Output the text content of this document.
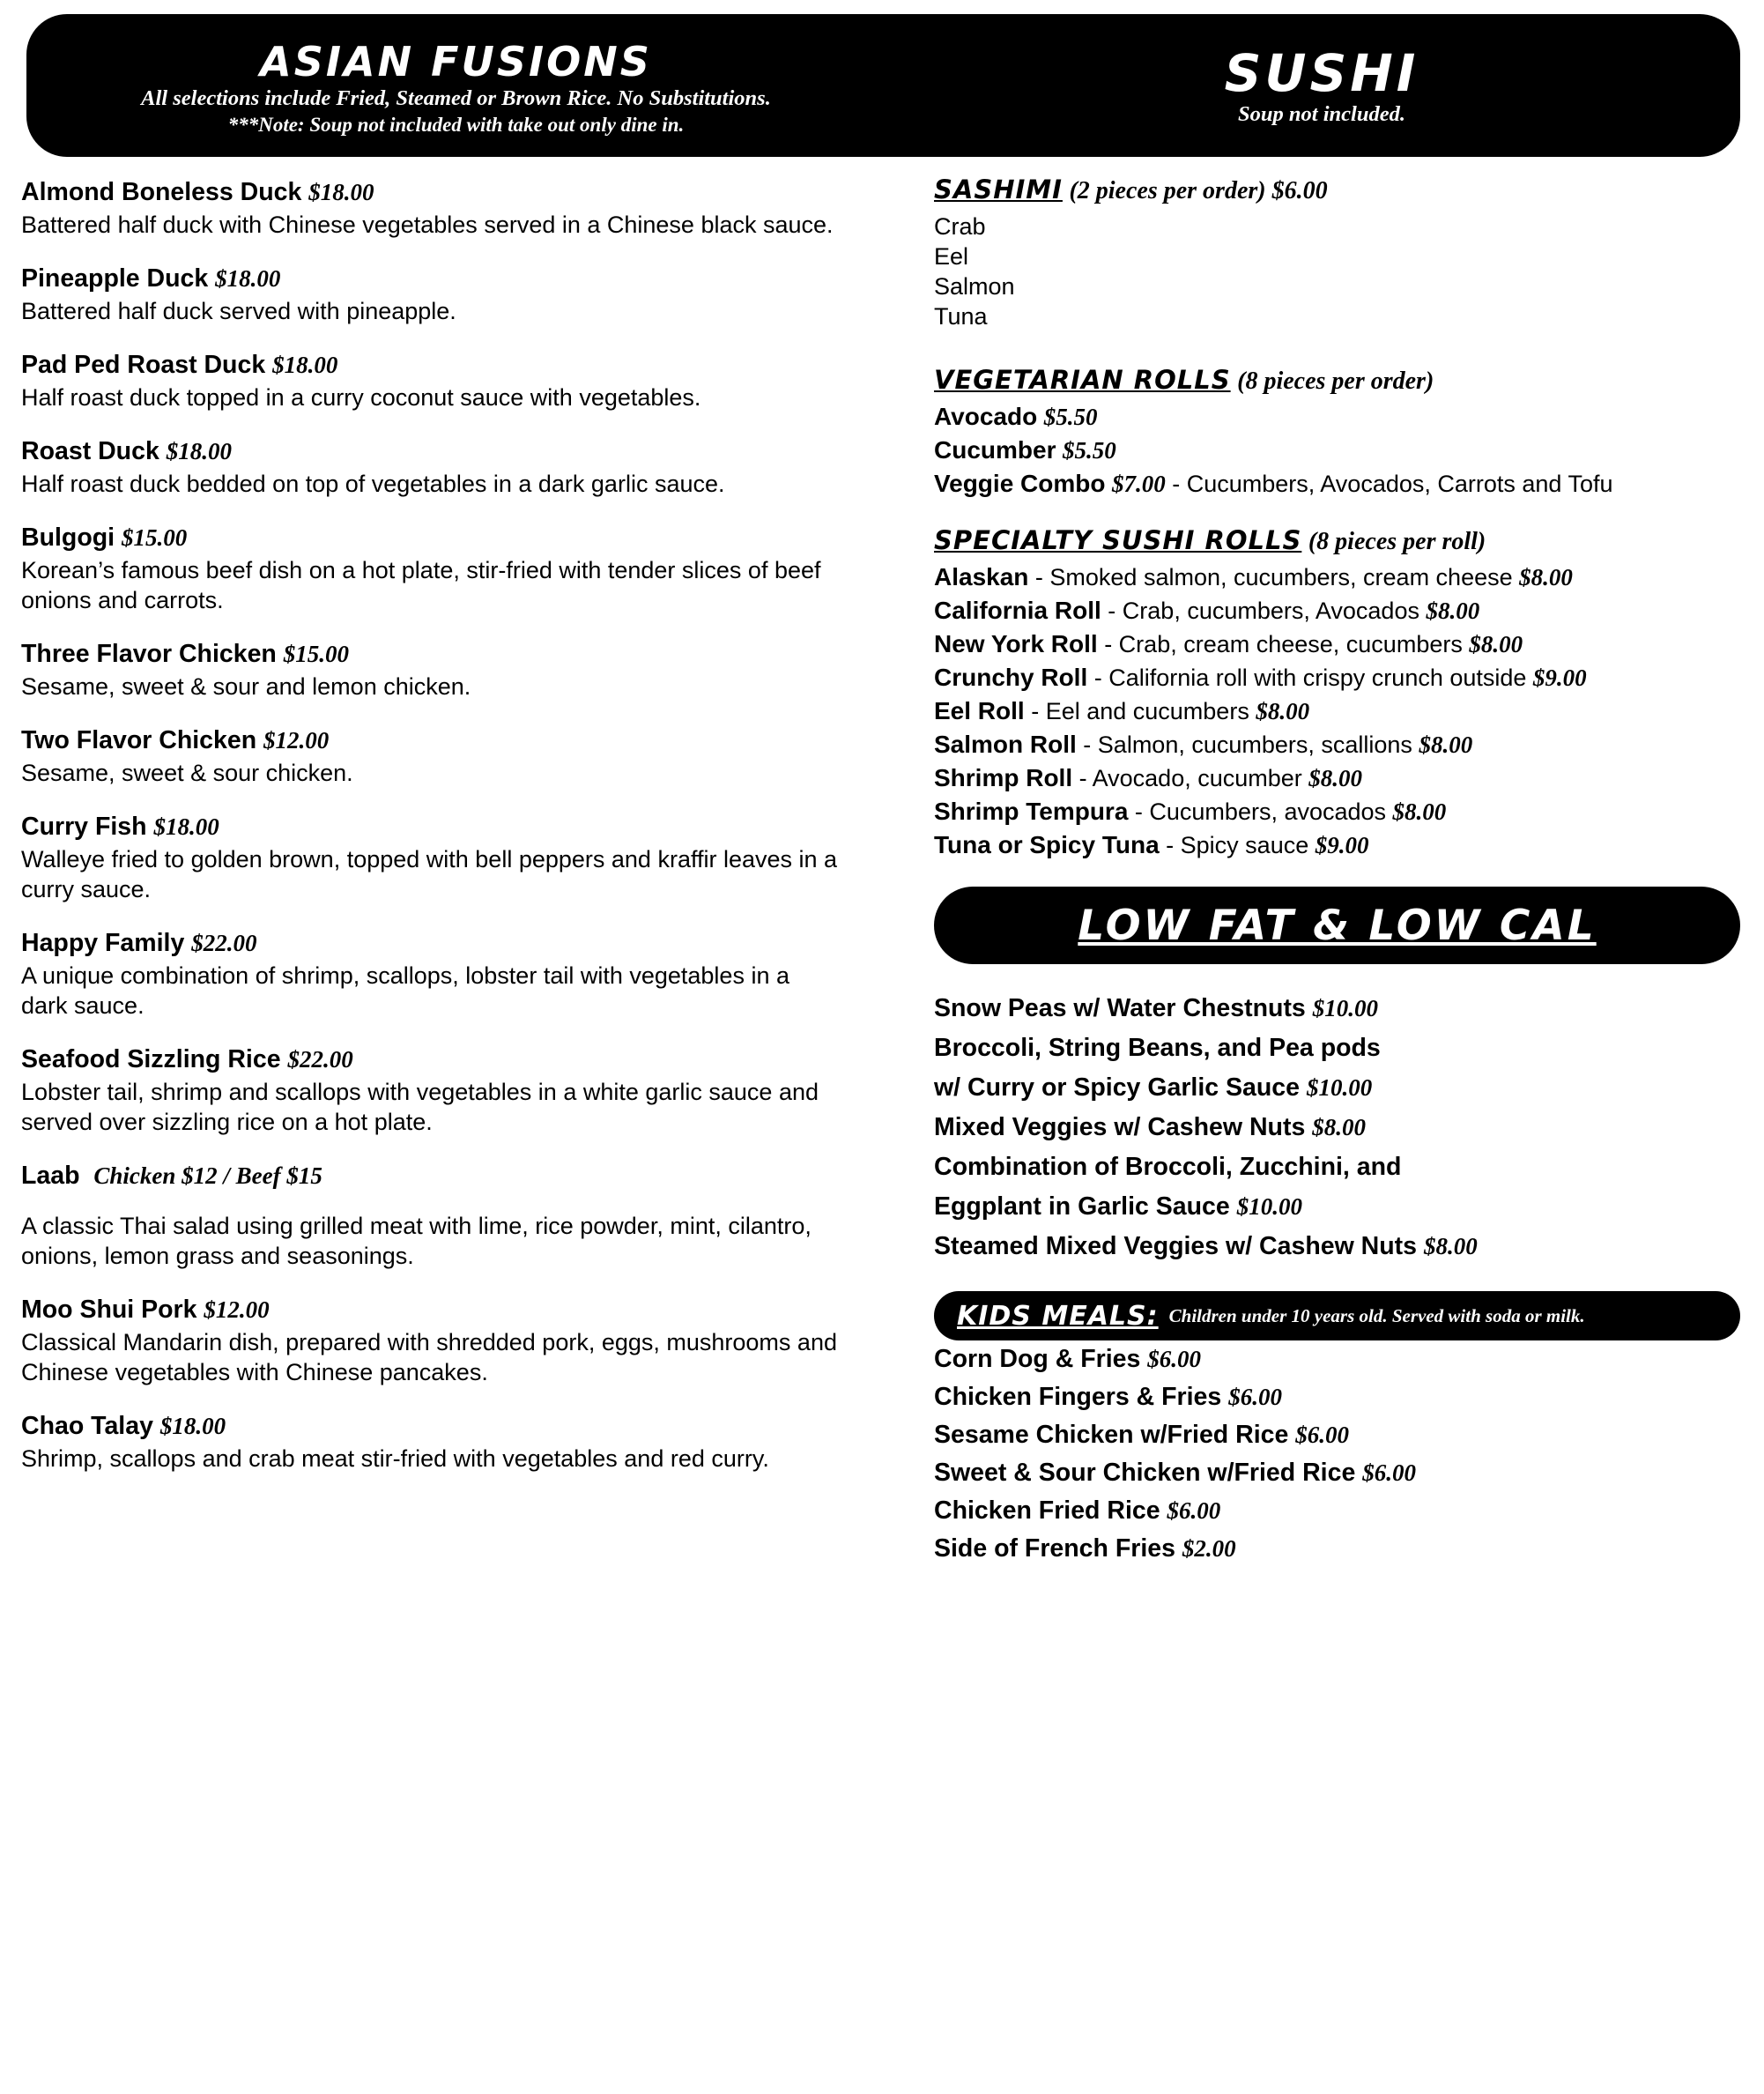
ASIAN FUSIONS
All selections include Fried, Steamed or Brown Rice. No Substitutions.
***Note: Soup not included with take out only dine in.
SUSHI
Soup not included.
Almond Boneless Duck $18.00
Battered half duck with Chinese vegetables served in a Chinese black sauce.
Pineapple Duck $18.00
Battered half duck served with pineapple.
Pad Ped Roast Duck $18.00
Half roast duck topped in a curry coconut sauce with vegetables.
Roast Duck $18.00
Half roast duck bedded on top of vegetables in a dark garlic sauce.
Bulgogi $15.00
Korean’s famous beef dish on a hot plate, stir-fried with tender slices of beef onions and carrots.
Three Flavor Chicken $15.00
Sesame, sweet & sour and lemon chicken.
Two Flavor Chicken $12.00
Sesame, sweet & sour chicken.
Curry Fish $18.00
Walleye fried to golden brown, topped with bell peppers and kraffir leaves in a curry sauce.
Happy Family $22.00
A unique combination of shrimp, scallops, lobster tail with vegetables in a dark sauce.
Seafood Sizzling Rice $22.00
Lobster tail, shrimp and scallops with vegetables in a white garlic sauce and served over sizzling rice on a hot plate.
Laab Chicken $12 / Beef $15
A classic Thai salad using grilled meat with lime, rice powder, mint, cilantro, onions, lemon grass and seasonings.
Moo Shui Pork $12.00
Classical Mandarin dish, prepared with shredded pork, eggs, mushrooms and Chinese vegetables with Chinese pancakes.
Chao Talay $18.00
Shrimp, scallops and crab meat stir-fried with vegetables and red curry.
SASHIMI (2 pieces per order) $6.00
Crab
Eel
Salmon
Tuna
VEGETARIAN ROLLS (8 pieces per order)
Avocado $5.50
Cucumber $5.50
Veggie Combo $7.00 - Cucumbers, Avocados, Carrots and Tofu
SPECIALTY SUSHI ROLLS (8 pieces per roll)
Alaskan - Smoked salmon, cucumbers, cream cheese $8.00
California Roll - Crab, cucumbers, Avocados $8.00
New York Roll - Crab, cream cheese, cucumbers $8.00
Crunchy Roll - California roll with crispy crunch outside $9.00
Eel Roll - Eel and cucumbers $8.00
Salmon Roll - Salmon, cucumbers, scallions $8.00
Shrimp Roll - Avocado, cucumber $8.00
Shrimp Tempura - Cucumbers, avocados $8.00
Tuna or Spicy Tuna - Spicy sauce $9.00
LOW FAT & LOW CAL
Snow Peas w/ Water Chestnuts $10.00
Broccoli, String Beans, and Pea pods
w/ Curry or Spicy Garlic Sauce $10.00
Mixed Veggies w/ Cashew Nuts $8.00
Combination of Broccoli, Zucchini, and
Eggplant in Garlic Sauce $10.00
Steamed Mixed Veggies w/ Cashew Nuts $8.00
KIDS MEALS: Children under 10 years old. Served with soda or milk.
Corn Dog & Fries $6.00
Chicken Fingers & Fries $6.00
Sesame Chicken w/Fried Rice $6.00
Sweet & Sour Chicken w/Fried Rice $6.00
Chicken Fried Rice $6.00
Side of French Fries $2.00
